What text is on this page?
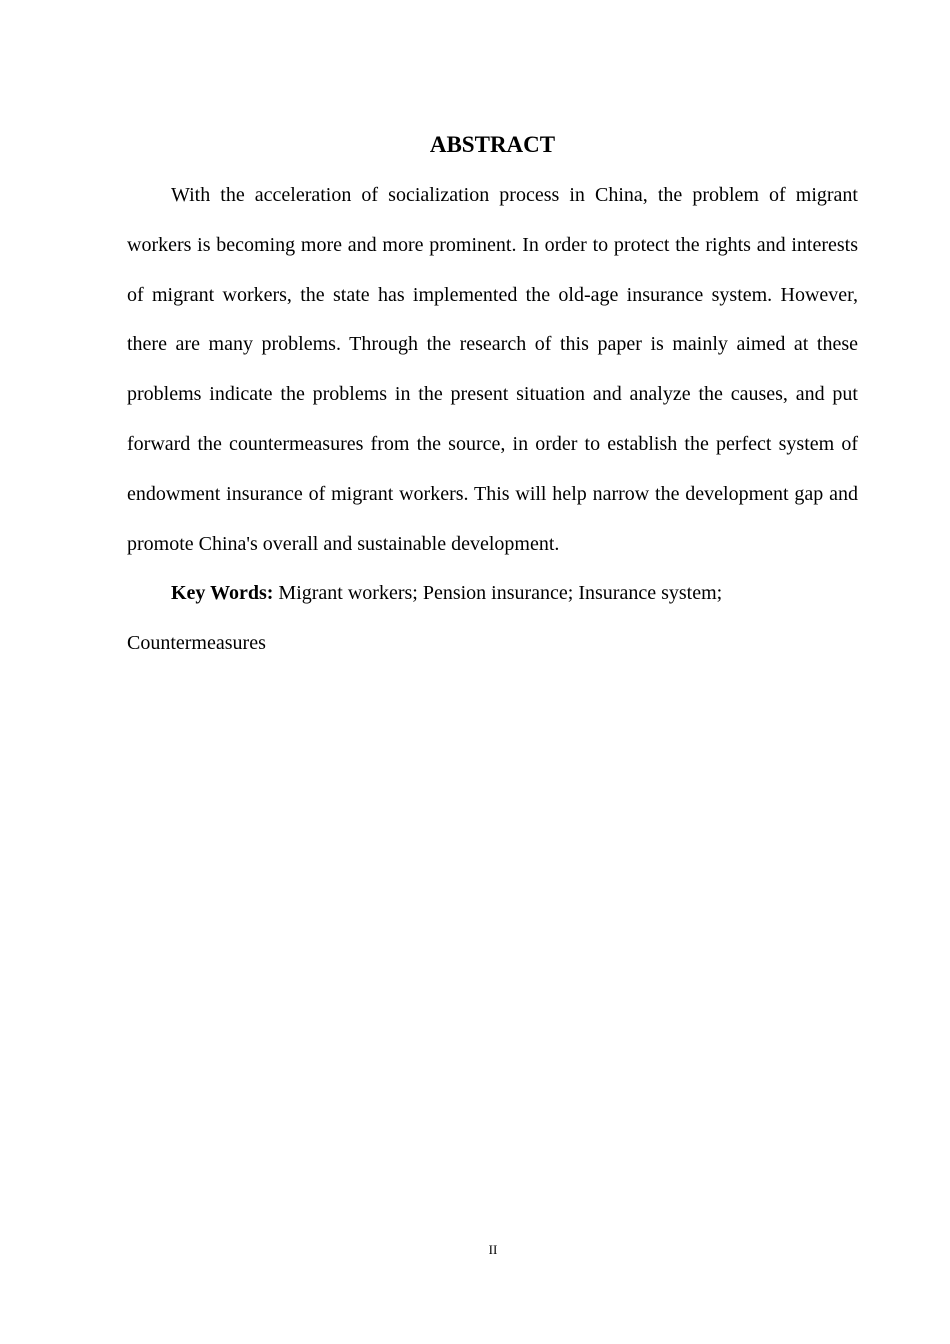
ABSTRACT

With the acceleration of socialization process in China, the problem of migrant workers is becoming more and more prominent. In order to protect the rights and interests of migrant workers, the state has implemented the old-age insurance system. However, there are many problems. Through the research of this paper is mainly aimed at these problems indicate the problems in the present situation and analyze the causes, and put forward the countermeasures from the source, in order to establish the perfect system of endowment insurance of migrant workers. This will help narrow the development gap and promote China's overall and sustainable development.

Key Words: Migrant workers; Pension insurance; Insurance system; Countermeasures

II
